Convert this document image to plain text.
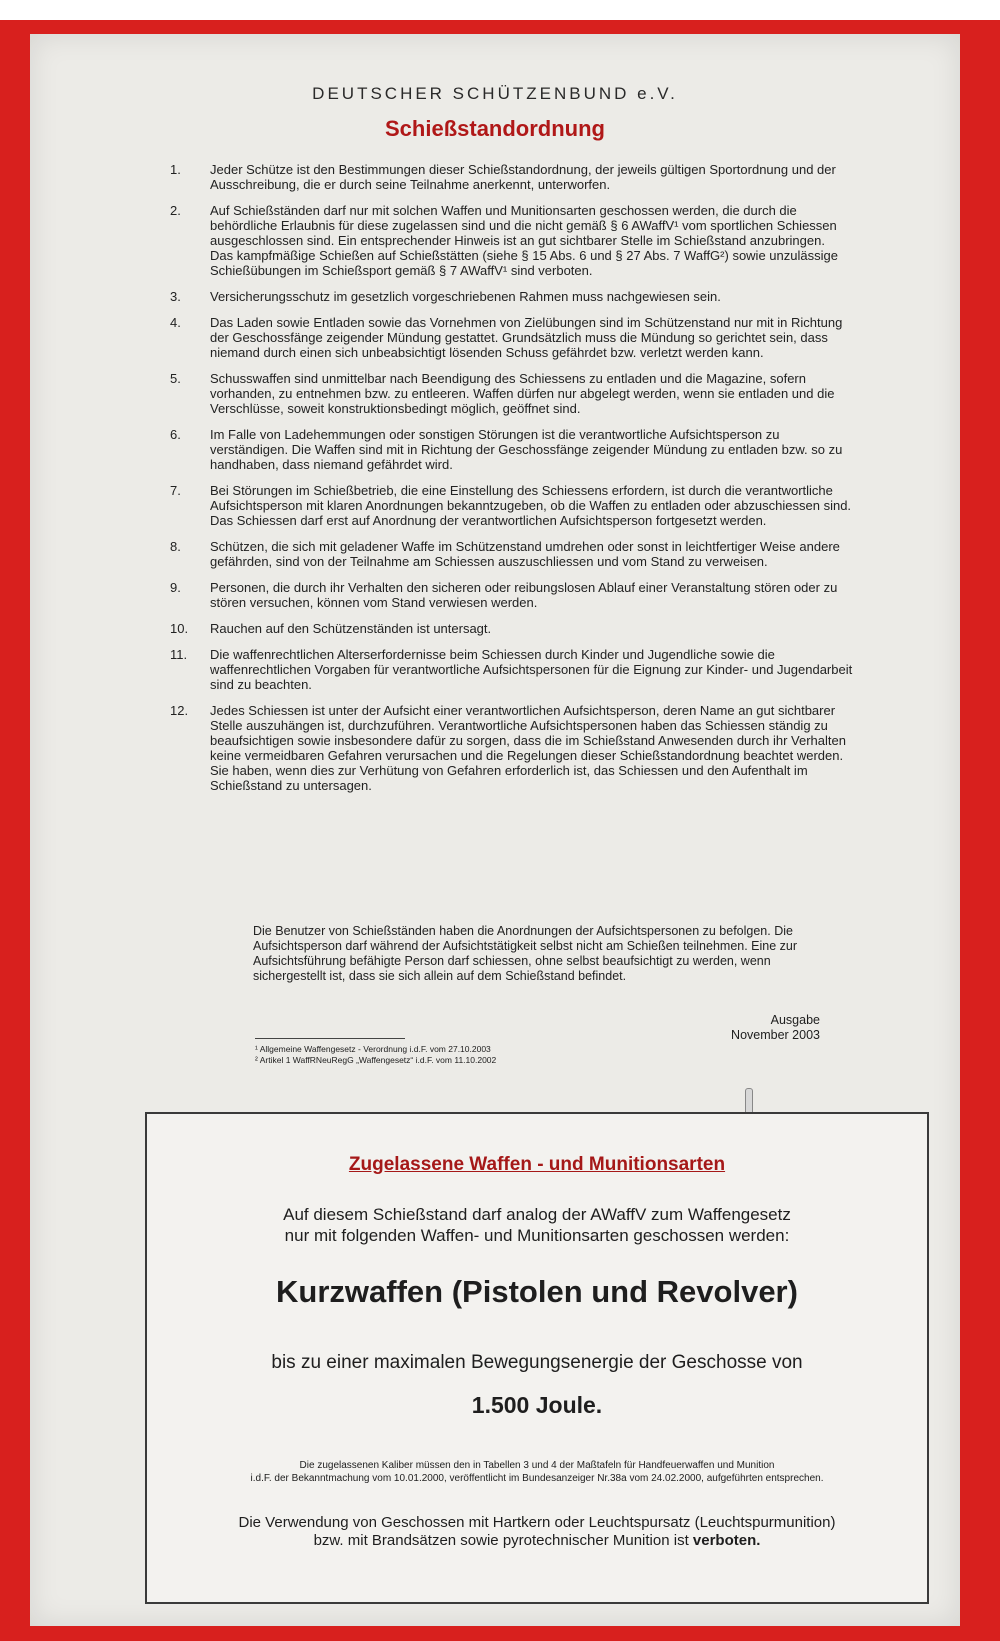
DEUTSCHER SCHÜTZENBUND e.V.
Schießstandordnung
1.	Jeder Schütze ist den Bestimmungen dieser Schießstandordnung, der jeweils gültigen Sportordnung und der Ausschreibung, die er durch seine Teilnahme anerkennt, unterworfen.

2.	Auf Schießständen darf nur mit solchen Waffen und Munitionsarten geschossen werden, die durch die behördliche Erlaubnis für diese zugelassen sind und die nicht gemäß § 6 AWaffV¹ vom sportlichen Schiessen ausgeschlossen sind. Ein entsprechender Hinweis ist an gut sichtbarer Stelle im Schießstand anzubringen.

Das kampfmäßige Schießen auf Schießstätten (siehe § 15 Abs. 6 und § 27 Abs. 7 WaffG²) sowie unzulässige Schießübungen im Schießsport gemäß § 7 AWaffV¹ sind verboten.

3.	Versicherungsschutz im gesetzlich vorgeschriebenen Rahmen muss nachgewiesen sein.

4.	Das Laden sowie Entladen sowie das Vornehmen von Zielübungen sind im Schützenstand nur mit in Richtung der Geschossfänge zeigender Mündung gestattet. Grundsätzlich muss die Mündung so gerichtet sein, dass niemand durch einen sich unbeabsichtigt lösenden Schuss gefährdet bzw. verletzt werden kann.

5.	Schusswaffen sind unmittelbar nach Beendigung des Schiessens zu entladen und die Magazine, sofern vorhanden, zu entnehmen bzw. zu entleeren. Waffen dürfen nur abgelegt werden, wenn sie entladen und die Verschlüsse, soweit konstruktionsbedingt möglich, geöffnet sind.

6.	Im Falle von Ladehemmungen oder sonstigen Störungen ist die verantwortliche Aufsichtsperson zu verständigen. Die Waffen sind mit in Richtung der Geschossfänge zeigender Mündung zu entladen bzw. so zu handhaben, dass niemand gefährdet wird.

7.	Bei Störungen im Schießbetrieb, die eine Einstellung des Schiessens erfordern, ist durch die verantwortliche Aufsichtsperson mit klaren Anordnungen bekanntzugeben, ob die Waffen zu entladen oder abzuschiessen sind. Das Schiessen darf erst auf Anordnung der verantwortlichen Aufsichtsperson fortgesetzt werden.

8.	Schützen, die sich mit geladener Waffe im Schützenstand umdrehen oder sonst in leichtfertiger Weise andere gefährden, sind von der Teilnahme am Schiessen auszuschliessen und vom Stand zu verweisen.

9.	Personen, die durch ihr Verhalten den sicheren oder reibungslosen Ablauf einer Veranstaltung stören oder zu stören versuchen, können vom Stand verwiesen werden.

10.	Rauchen auf den Schützenständen ist untersagt.

11.	Die waffenrechtlichen Alterserfordernisse beim Schiessen durch Kinder und Jugendliche sowie die waffenrechtlichen Vorgaben für verantwortliche Aufsichtspersonen für die Eignung zur Kinder- und Jugendarbeit sind zu beachten.

12.	Jedes Schiessen ist unter der Aufsicht einer verantwortlichen Aufsichtsperson, deren Name an gut sichtbarer Stelle auszuhängen ist, durchzuführen. Verantwortliche Aufsichtspersonen haben das Schiessen ständig zu beaufsichtigen sowie insbesondere dafür zu sorgen, dass die im Schießstand Anwesenden durch ihr Verhalten keine vermeidbaren Gefahren verursachen und die Regelungen dieser Schießstandordnung beachtet werden. Sie haben, wenn dies zur Verhütung von Gefahren erforderlich ist, das Schiessen und den Aufenthalt im Schießstand zu untersagen.

Die Benutzer von Schießständen haben die Anordnungen der Aufsichtspersonen zu befolgen. Die Aufsichtsperson darf während der Aufsichtstätigkeit selbst nicht am Schießen teilnehmen. Eine zur Aufsichtsführung befähigte Person darf schiessen, ohne selbst beaufsichtigt zu werden, wenn sichergestellt ist, dass sie sich allein auf dem Schießstand befindet.
Ausgabe
November 2003
¹ Allgemeine Waffengesetz - Verordnung i.d.F. vom 27.10.2003
² Artikel 1 WaffRNeuRegG „Waffengesetz“ i.d.F. vom 11.10.2002
Zugelassene Waffen - und Munitionsarten
Auf diesem Schießstand darf analog der AWaffV zum Waffengesetz
nur mit folgenden Waffen- und Munitionsarten geschossen werden:
Kurzwaffen (Pistolen und Revolver)
bis zu einer maximalen Bewegungsenergie der Geschosse von
1.500 Joule.
Die zugelassenen Kaliber müssen den in Tabellen 3 und 4 der Maßtafeln für Handfeuerwaffen und Munition
i.d.F. der Bekanntmachung vom 10.01.2000, veröffentlicht im Bundesanzeiger Nr.38a vom 24.02.2000, aufgeführten entsprechen.
Die Verwendung von Geschossen mit Hartkern oder Leuchtspursatz (Leuchtspurmunition)
bzw. mit Brandsätzen sowie pyrotechnischer Munition ist verboten.
